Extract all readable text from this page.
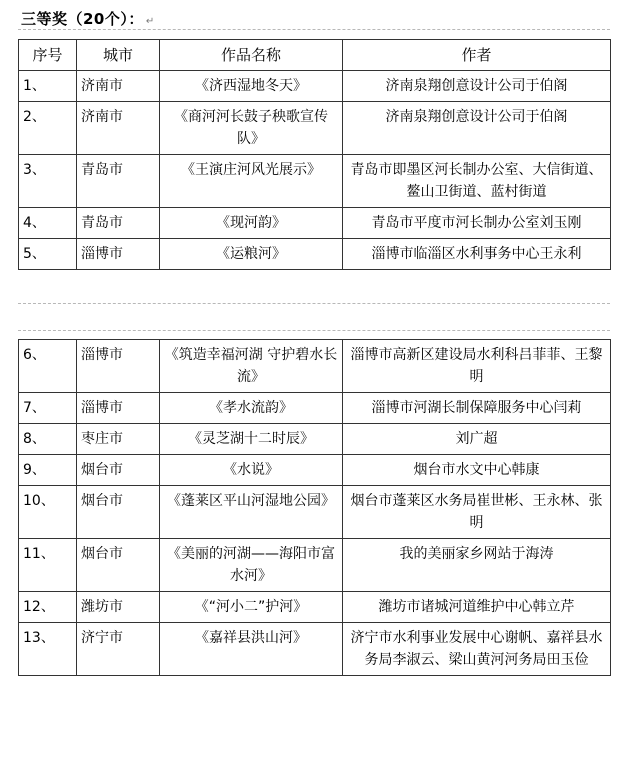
三等奖（20个）： ↵
序号	城市	作品名称	作者
1、	济南市	《济西湿地冬天》	济南泉翔创意设计公司于伯阁
2、	济南市	《商河河长鼓子秧歌宣传队》	济南泉翔创意设计公司于伯阁
3、	青岛市	《王演庄河风光展示》	青岛市即墨区河长制办公室、大信街道、鳌山卫街道、蓝村街道
4、	青岛市	《现河韵》	青岛市平度市河长制办公室刘玉刚
5、	淄博市	《运粮河》	淄博市临淄区水利事务中心王永利
6、	淄博市	《筑造幸福河湖 守护碧水长流》	淄博市高新区建设局水利科吕菲菲、王黎明
7、	淄博市	《孝水流韵》	淄博市河湖长制保障服务中心闫莉
8、	枣庄市	《灵芝湖十二时辰》	刘广超
9、	烟台市	《水说》	烟台市水文中心韩康
10、	烟台市	《蓬莱区平山河湿地公园》	烟台市蓬莱区水务局崔世彬、王永林、张明
11、	烟台市	《美丽的河湖——海阳市富水河》	我的美丽家乡网站于海涛
12、	潍坊市	《“河小二”护河》	潍坊市诸城河道维护中心韩立芹
13、	济宁市	《嘉祥县洪山河》	济宁市水利事业发展中心谢帆、嘉祥县水务局李淑云、梁山黄河河务局田玉俭
